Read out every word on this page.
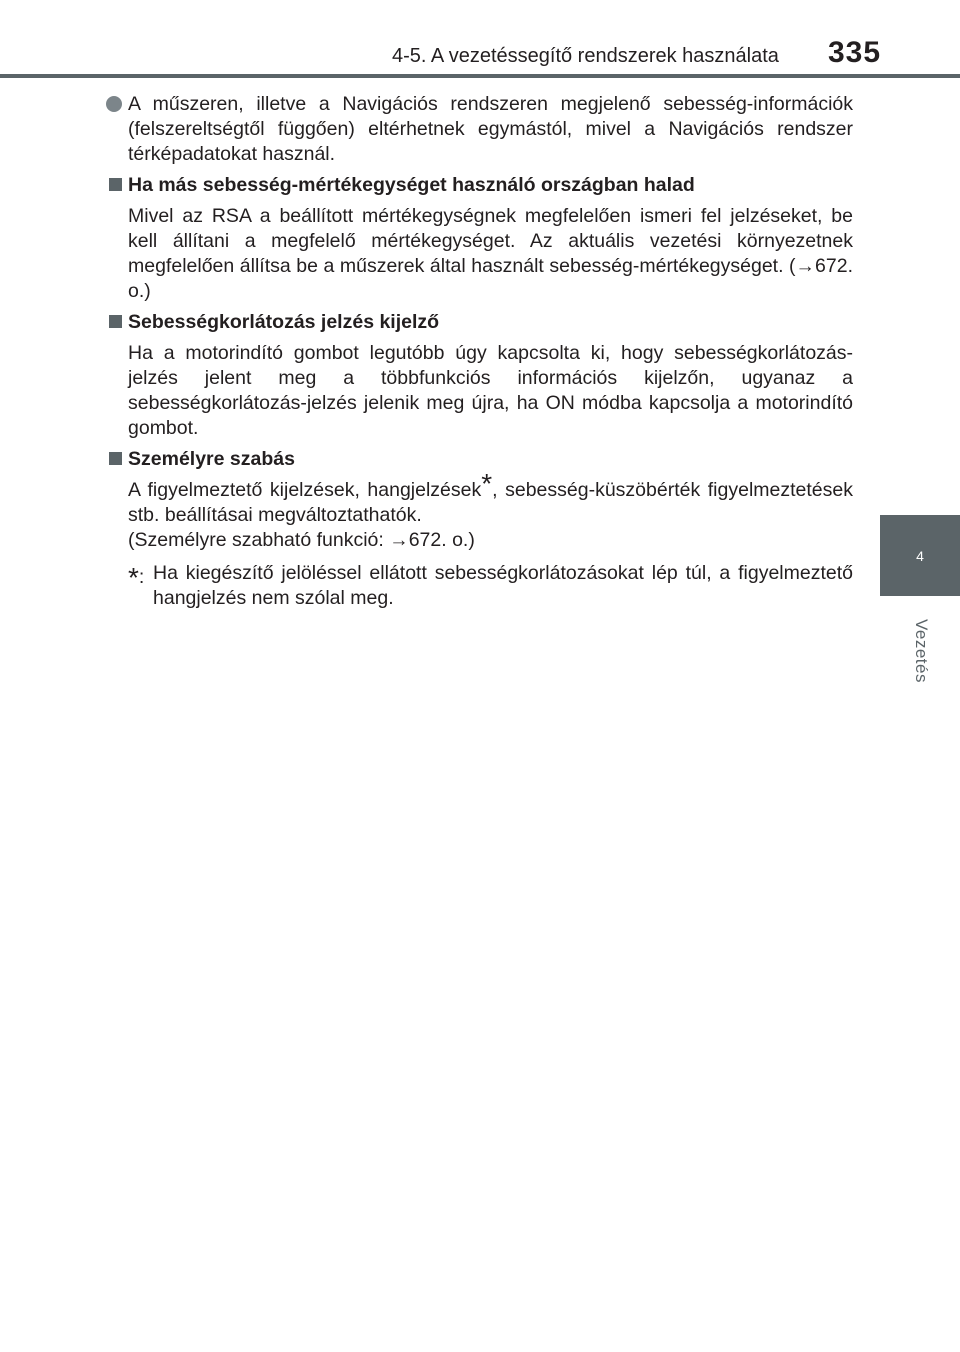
4-5. A vezetéssegítő rendszerek használata	335
4
Vezetés
A műszeren, illetve a Navigációs rendszeren megjelenő sebesség-információk (felszereltségtől függően) eltérhetnek egymástól, mivel a Navigációs rendszer térképadatokat használ.
Ha más sebesség-mértékegységet használó országban halad
Mivel az RSA a beállított mértékegységnek megfelelően ismeri fel jelzéseket, be kell állítani a megfelelő mértékegységet. Az aktuális vezetési környezetnek megfelelően állítsa be a műszerek által használt sebesség-mértékegységet. (→672. o.)
Sebességkorlátozás jelzés kijelző
Ha a motorindító gombot legutóbb úgy kapcsolta ki, hogy sebességkorlátozás-jelzés jelent meg a többfunkciós információs kijelzőn, ugyanaz a sebességkorlátozás-jelzés jelenik meg újra, ha ON módba kapcsolja a motorindító gombot.
Személyre szabás
A figyelmeztető kijelzések, hangjelzések*, sebesség-küszöbérték figyelmeztetések stb. beállításai megváltoztathatók.
(Személyre szabható funkció: →672. o.)
*: Ha kiegészítő jelöléssel ellátott sebességkorlátozásokat lép túl, a figyelmeztető hangjelzés nem szólal meg.
